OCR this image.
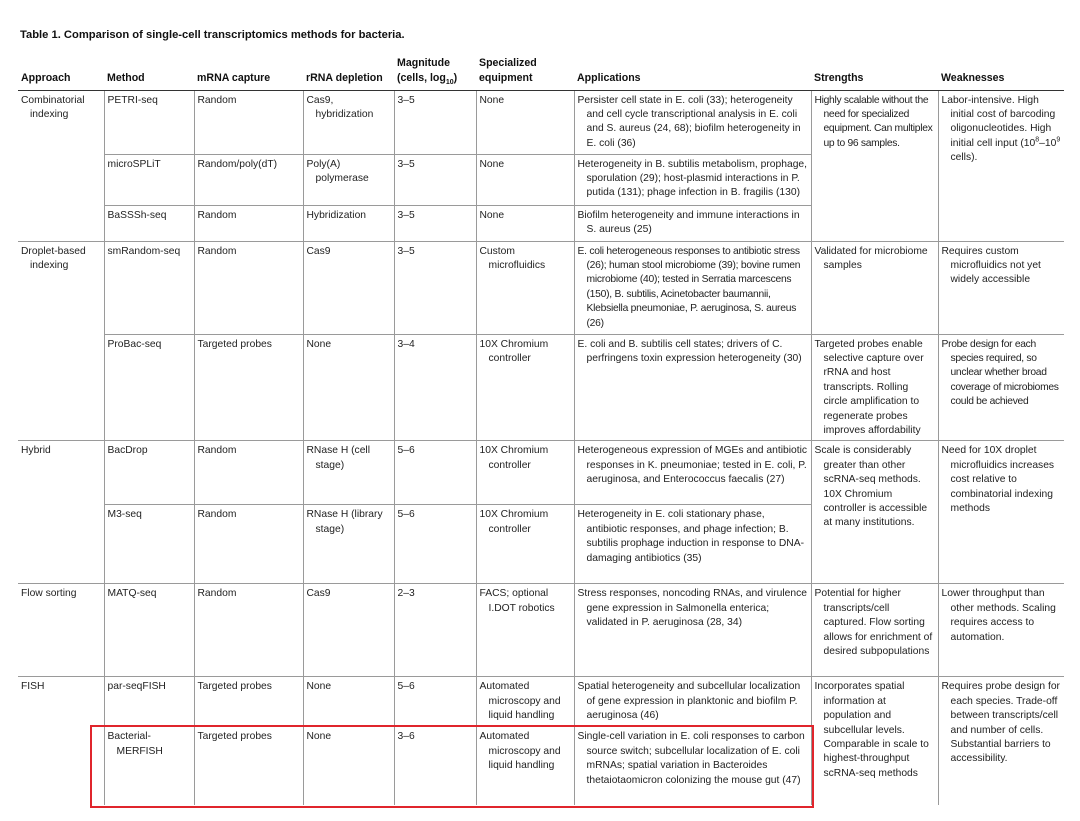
Table 1. Comparison of single-cell transcriptomics methods for bacteria.
Approach	Method	mRNA capture	rRNA depletion	Magnitude (cells, $\log_{10}$)	Specialized equipment	Applications	Strengths	Weaknesses

Combinatorial indexing	PETRI-seq	Random	Cas9, hybridization	3–5	None	Persister cell state in E. coli (33); heterogeneity and cell cycle transcriptional analysis in E. coli and S. aureus (24, 68); biofilm heterogeneity in E. coli (36)	Highly scalable without the need for specialized equipment. Can multiplex up to 96 samples.	Labor-intensive. High initial cost of barcoding oligonucleotides. High initial cell input ($10^8-10^9$ cells).

	microSPLiT	Random/poly(dT)	Poly(A) polymerase	3–5	None	Heterogeneity in B. subtilis metabolism, prophage, sporulation (29); host-plasmid interactions in P. putida (131); phage infection in B. fragilis (130)		

	BaSSSh-seq	Random	Hybridization	3–5	None	Biofilm heterogeneity and immune interactions in S. aureus (25)		

Droplet-based indexing	smRandom-seq	Random	Cas9	3–5	Custom microfluidics	E. coli heterogeneous responses to antibiotic stress (26); human stool microbiome (39); bovine rumen microbiome (40); tested in Serratia marcescens (150), B. subtilis, Acinetobacter baumannii, Klebsiella pneumoniae, P. aeruginosa, S. aureus (26)	Validated for microbiome samples	Requires custom microfluidics not yet widely accessible

	ProBac-seq	Targeted probes	None	3–4	10X Chromium controller	E. coli and B. subtilis cell states; drivers of C. perfringens toxin expression heterogeneity (30)	Targeted probes enable selective capture over rRNA and host transcripts. Rolling circle amplification to regenerate probes improves affordability	Probe design for each species required, so unclear whether broad coverage of microbiomes could be achieved

Hybrid	BacDrop	Random	RNase H (cell stage)	5–6	10X Chromium controller	Heterogeneous expression of MGEs and antibiotic responses in K. pneumoniae; tested in E. coli, P. aeruginosa, and Enterococcus faecalis (27)	Scale is considerably greater than other scRNA-seq methods. 10X Chromium controller is accessible at many institutions.	Need for 10X droplet microfluidics increases cost relative to combinatorial indexing methods

	M3-seq	Random	RNase H (library stage)	5–6	10X Chromium controller	Heterogeneity in E. coli stationary phase, antibiotic responses, and phage infection; B. subtilis prophage induction in response to DNA-damaging antibiotics (35)		

Flow sorting	MATQ-seq	Random	Cas9	2–3	FACS; optional I.DOT robotics	Stress responses, noncoding RNAs, and virulence gene expression in Salmonella enterica; validated in P. aeruginosa (28, 34)	Potential for higher transcripts/cell captured. Flow sorting allows for enrichment of desired subpopulations	Lower throughput than other methods. Scaling requires access to automation.

FISH	par-seqFISH	Targeted probes	None	5–6	Automated microscopy and liquid handling	Spatial heterogeneity and subcellular localization of gene expression in planktonic and biofilm P. aeruginosa (46)	Incorporates spatial information at population and subcellular levels. Comparable in scale to highest-throughput scRNA-seq methods	Requires probe design for each species. Trade-off between transcripts/cell and number of cells. Substantial barriers to accessibility.

	Bacterial-MERFISH	Targeted probes	None	3–6	Automated microscopy and liquid handling	Single-cell variation in E. coli responses to carbon source switch; subcellular localization of E. coli mRNAs; spatial variation in Bacteroides thetaiotaomicron colonizing the mouse gut (47)		
